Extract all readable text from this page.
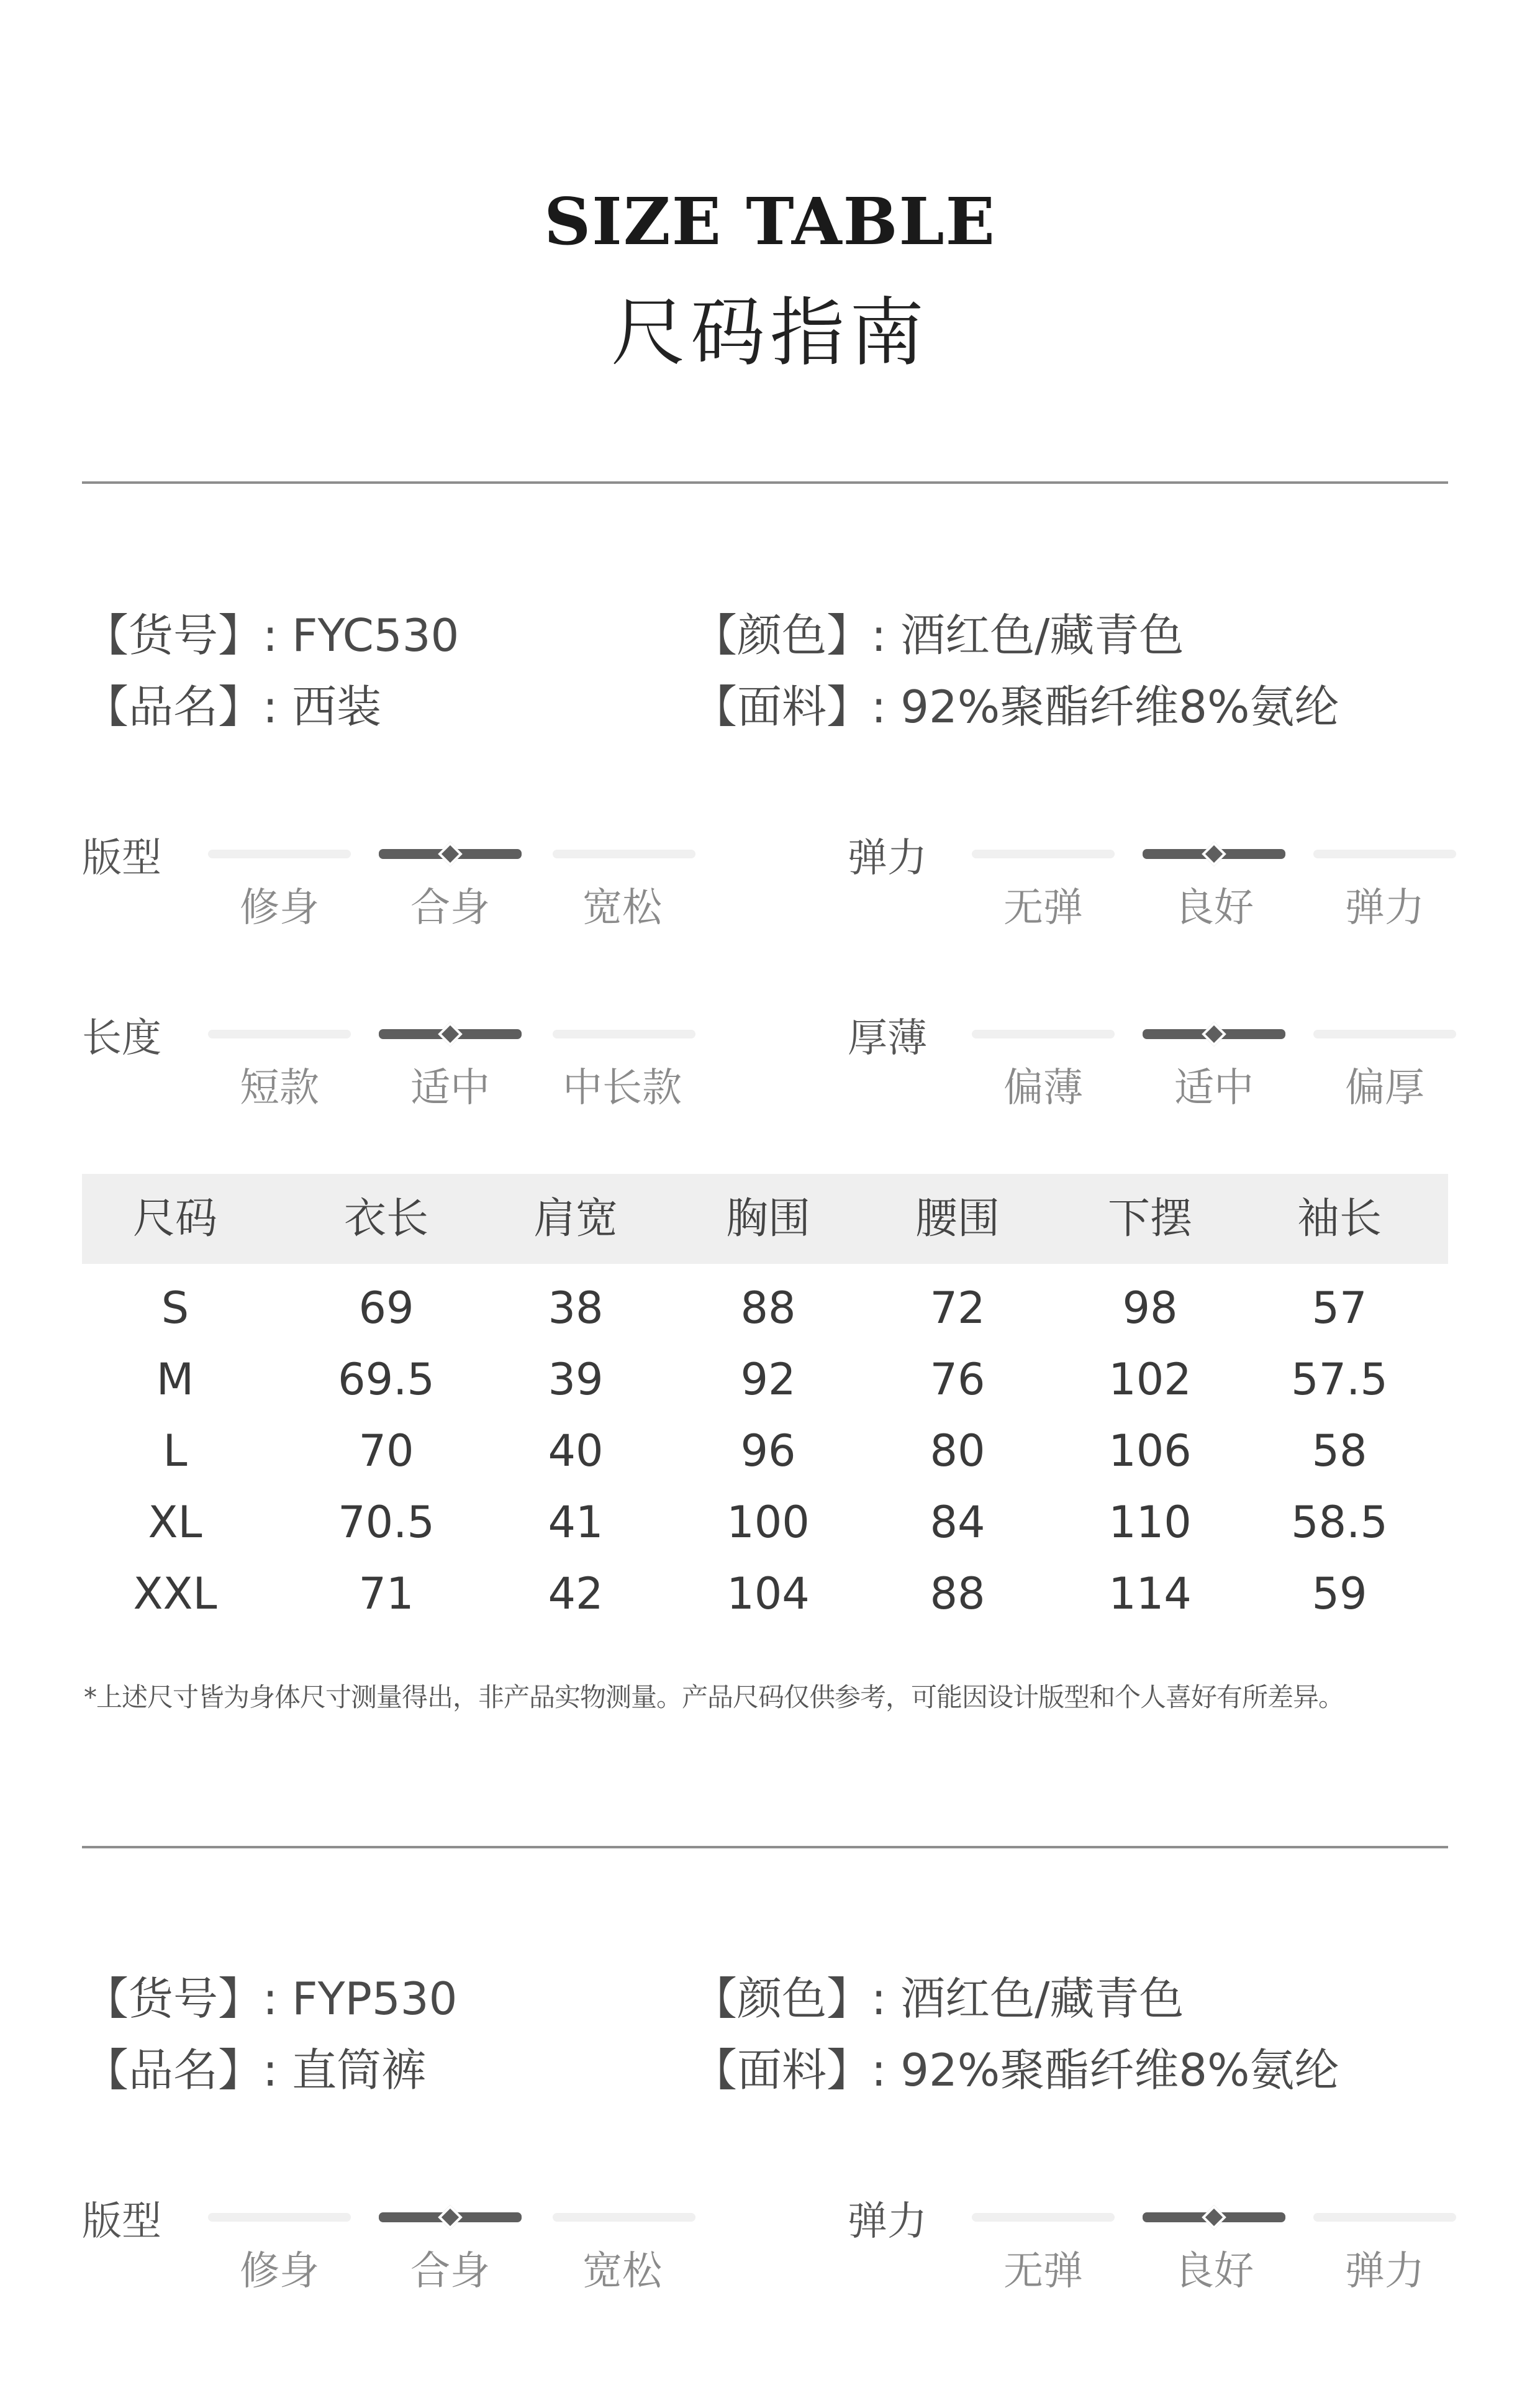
SIZE TABLE
尺码指南
【货号】: FYC530
【品名】: 西装
【颜色】: 酒红色/藏青色
【面料】: 92%聚酯纤维8%氨纶
版型
修身	合身	宽松
弹力
无弹	良好	弹力
长度
短款	适中	中长款
厚薄
偏薄	适中	偏厚
尺码	衣长	肩宽	胸围	腰围	下摆	袖长
S	69	38	88	72	98	57
M	69.5	39	92	76	102	57.5
L	70	40	96	80	106	58
XL	70.5	41	100	84	110	58.5
XXL	71	42	104	88	114	59
*上述尺寸皆为身体尺寸测量得出，非产品实物测量。产品尺码仅供参考，可能因设计版型和个人喜好有所差异。
【货号】: FYP530
【品名】: 直筒裤
【颜色】: 酒红色/藏青色
【面料】: 92%聚酯纤维8%氨纶
版型
修身	合身	宽松
弹力
无弹	良好	弹力
